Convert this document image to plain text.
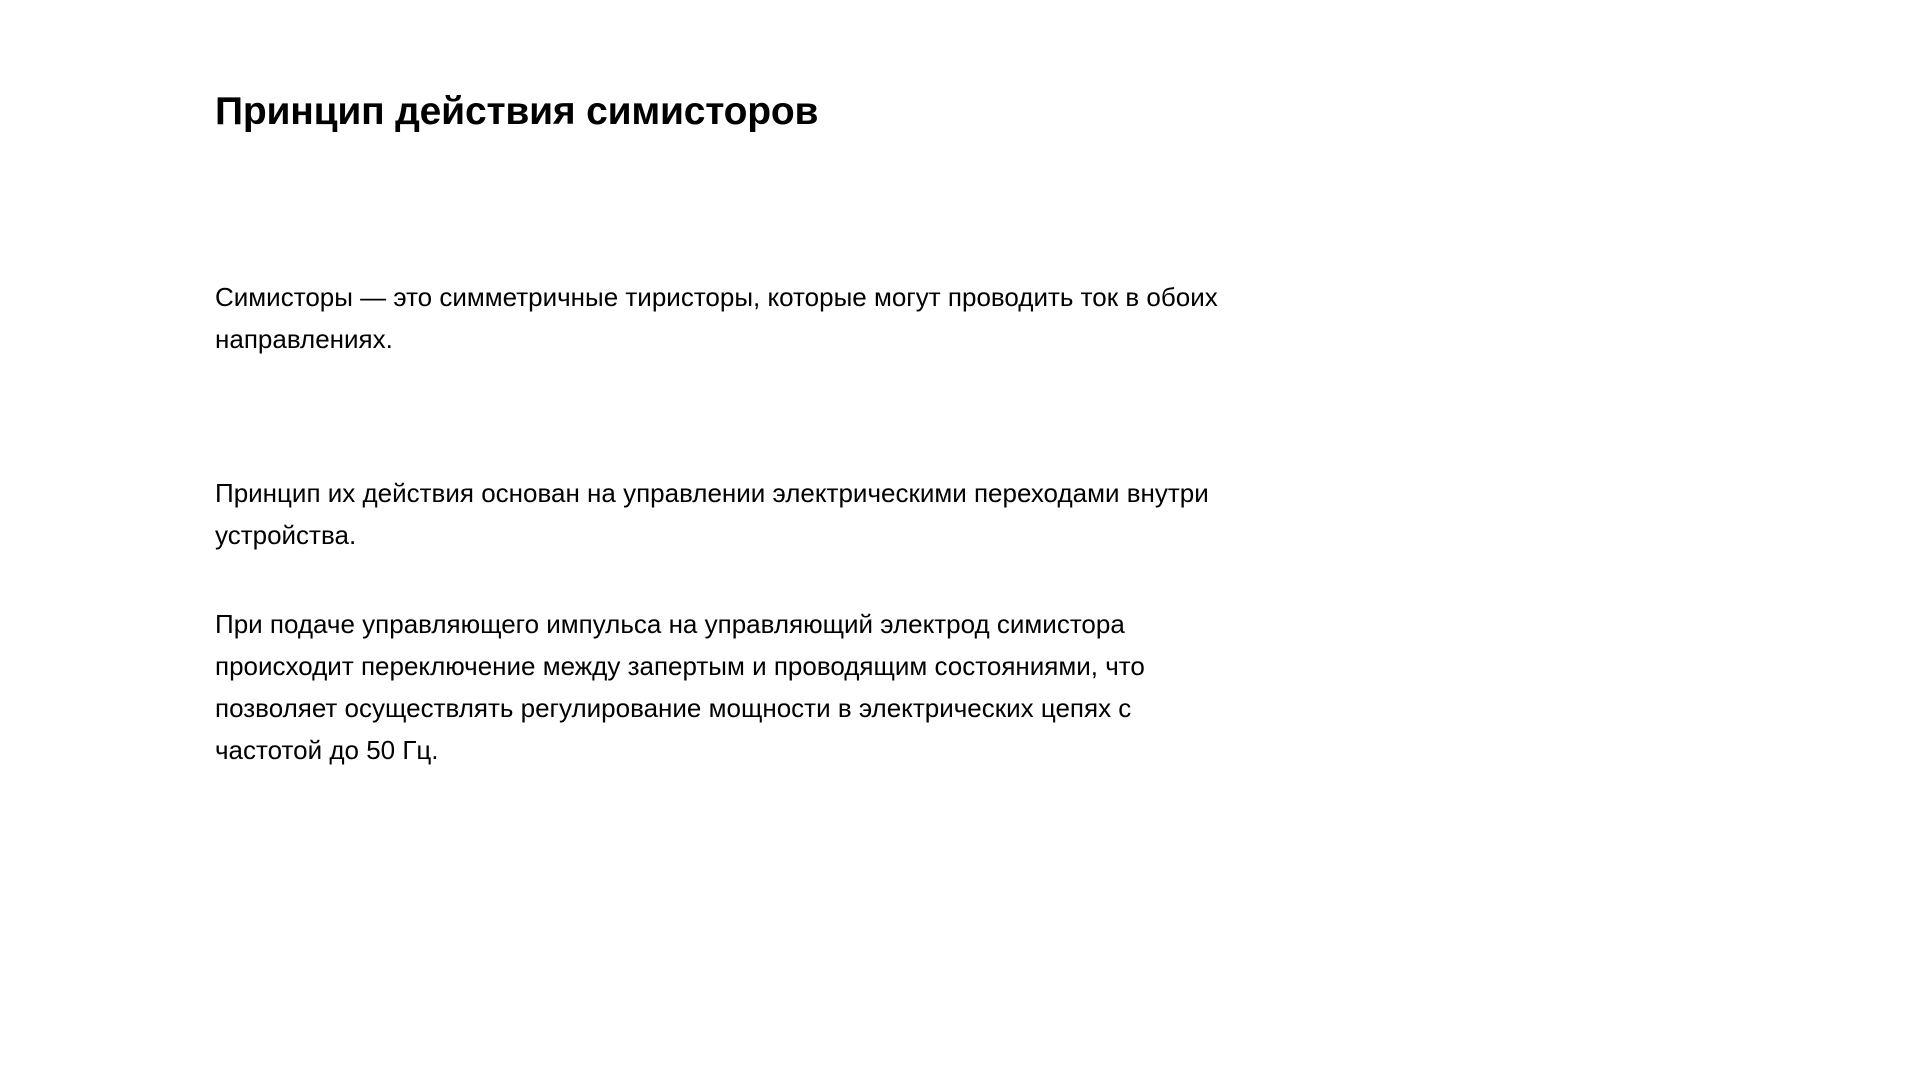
Принцип действия симисторов

Симисторы — это симметричные тиристоры, которые могут проводить ток в обоих направлениях.

Принцип их действия основан на управлении электрическими переходами внутри устройства.

При подаче управляющего импульса на управляющий электрод симистора происходит переключение между запертым и проводящим состояниями, что позволяет осуществлять регулирование мощности в электрических цепях с частотой до 50 Гц.
